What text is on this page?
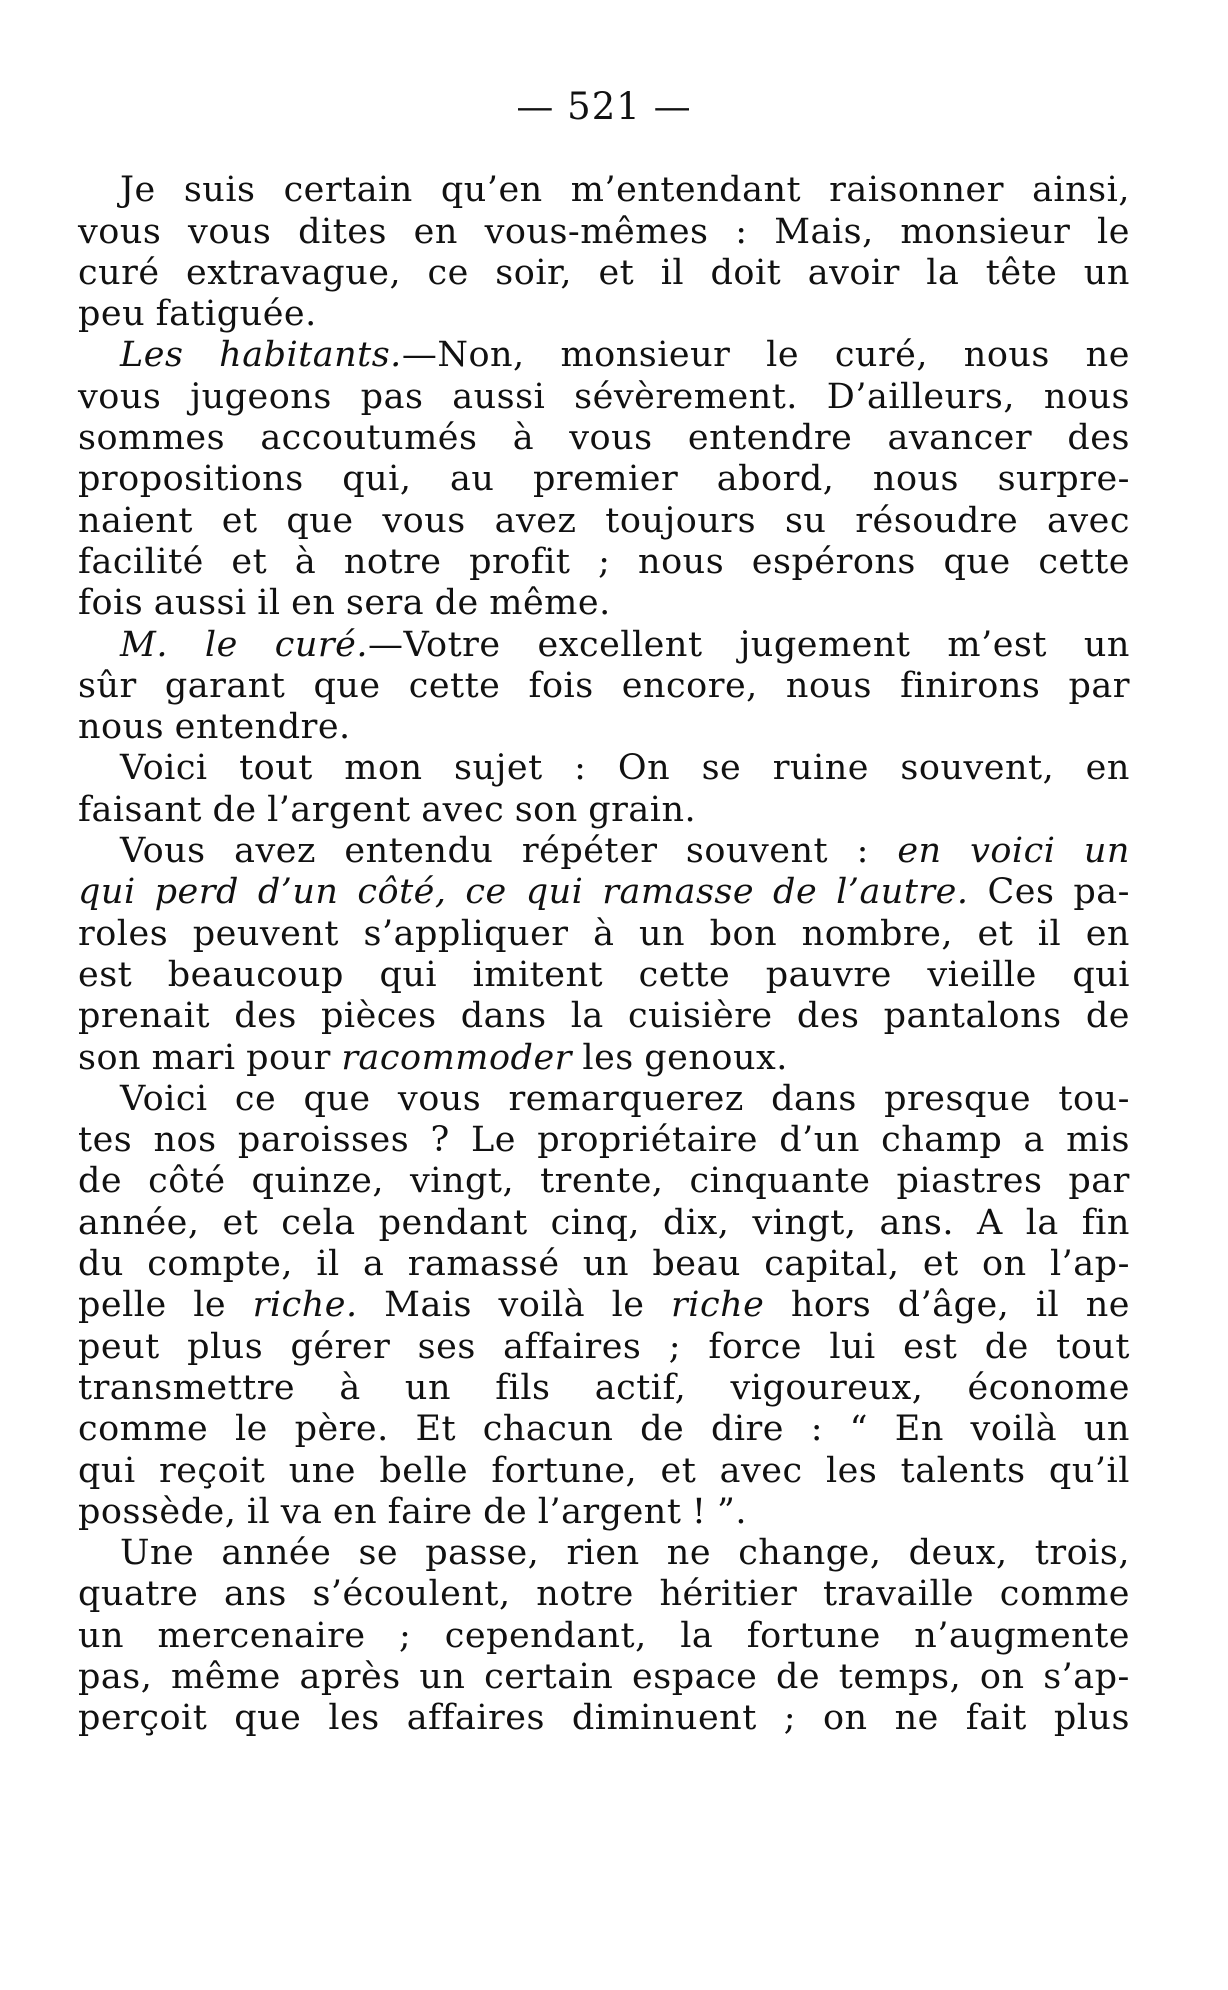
— 521 —
Je suis certain qu’en m’entendant raisonner ainsi,
vous vous dites en vous-mêmes : Mais, monsieur le
curé extravague, ce soir, et il doit avoir la tête un
peu fatiguée.
Les habitants.—Non, monsieur le curé, nous ne
vous jugeons pas aussi sévèrement. D’ailleurs, nous
sommes accoutumés à vous entendre avancer des
propositions qui, au premier abord, nous surpre-
naient et que vous avez toujours su résoudre avec
facilité et à notre profit ; nous espérons que cette
fois aussi il en sera de même.
M. le curé.—Votre excellent jugement m’est un
sûr garant que cette fois encore, nous finirons par
nous entendre.
Voici tout mon sujet : On se ruine souvent, en
faisant de l’argent avec son grain.
Vous avez entendu répéter souvent : en voici un
qui perd d’un côté, ce qui ramasse de l’autre. Ces pa-
roles peuvent s’appliquer à un bon nombre, et il en
est beaucoup qui imitent cette pauvre vieille qui
prenait des pièces dans la cuisière des pantalons de
son mari pour racommoder les genoux.
Voici ce que vous remarquerez dans presque tou-
tes nos paroisses ? Le propriétaire d’un champ a mis
de côté quinze, vingt, trente, cinquante piastres par
année, et cela pendant cinq, dix, vingt, ans. A la fin
du compte, il a ramassé un beau capital, et on l’ap-
pelle le riche. Mais voilà le riche hors d’âge, il ne
peut plus gérer ses affaires ; force lui est de tout
transmettre à un fils actif, vigoureux, économe
comme le père. Et chacun de dire : “ En voilà un
qui reçoit une belle fortune, et avec les talents qu’il
possède, il va en faire de l’argent ! ”.
Une année se passe, rien ne change, deux, trois,
quatre ans s’écoulent, notre héritier travaille comme
un mercenaire ; cependant, la fortune n’augmente
pas, même après un certain espace de temps, on s’ap-
perçoit que les affaires diminuent ; on ne fait plus
